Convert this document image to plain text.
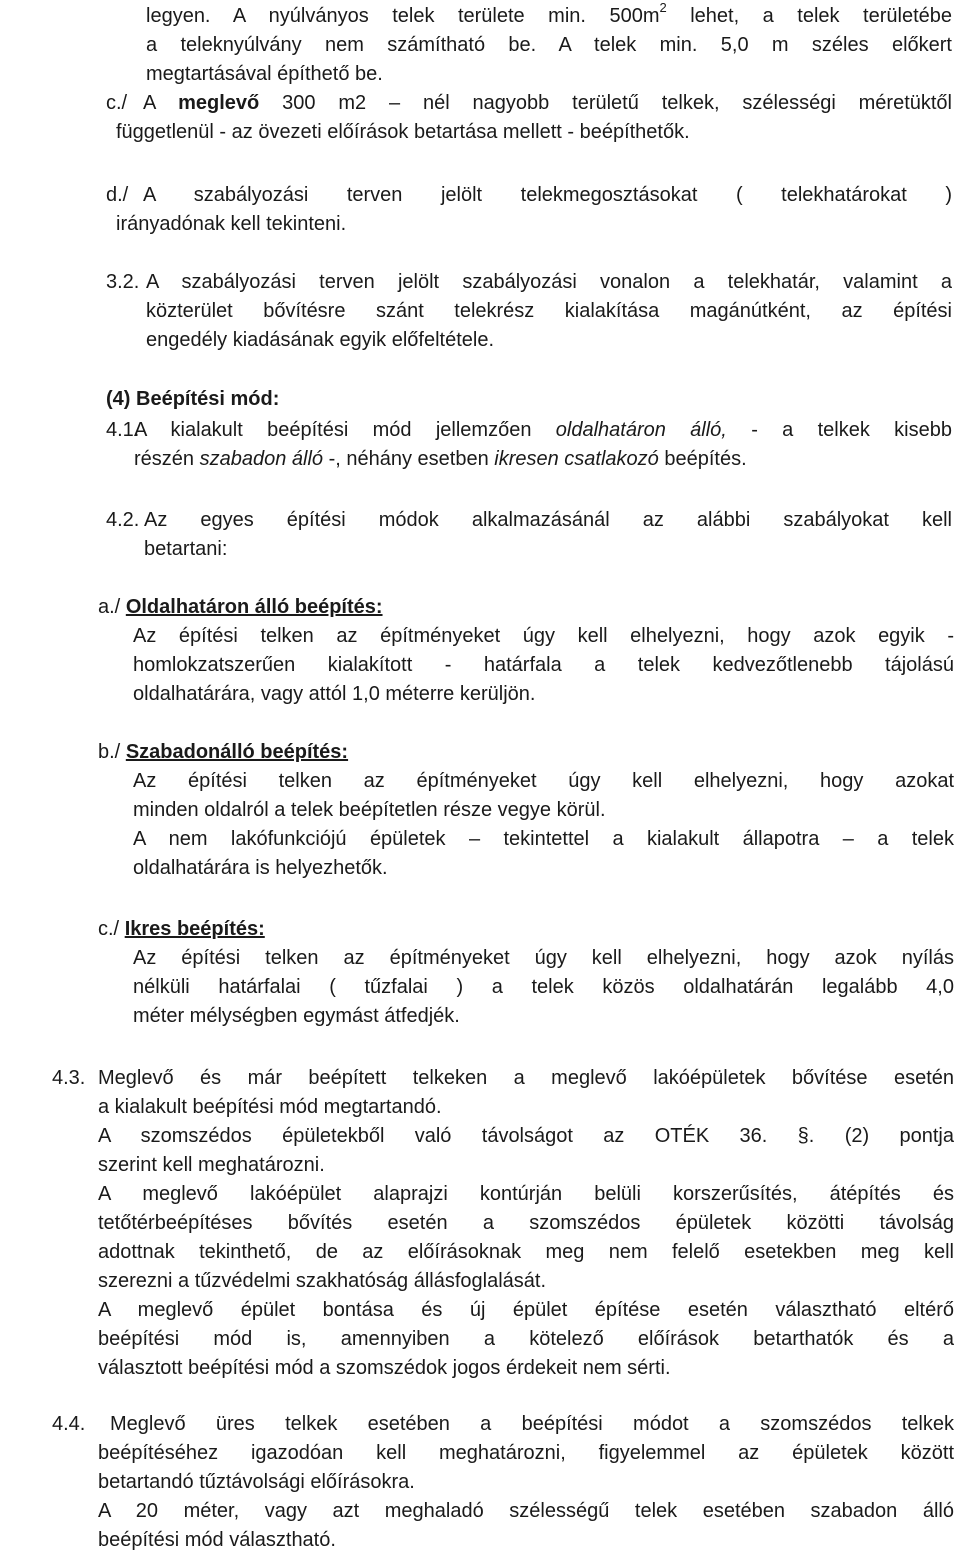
legyen. A nyúlványos telek területe min. $500m^2$ lehet, a telek területébe
a teleknyúlvány nem számítható be. A telek min. 5,0 m széles előkert
megtartásával építhető be.
c./ A meglevő 300 m2 – nél nagyobb területű telkek, szélességi méretüktől
függetlenül - az övezeti előírások betartása mellett - beépíthetők.
d./ A szabályozási terven jelölt telekmegosztásokat ( telekhatárokat )
irányadónak kell tekinteni.
3.2. A szabályozási terven jelölt szabályozási vonalon a telekhatár, valamint a
közterület bővítésre szánt telekrész kialakítása magánútként, az építési
engedély kiadásának egyik előfeltétele.
(4) Beépítési mód:
4.1.
A kialakult beépítési mód jellemzően oldalhatáron álló, - a telkek kisebb
részén szabadon álló -, néhány esetben ikresen csatlakozó beépítés.
4.2. Az egyes építési módok alkalmazásánál az alábbi szabályokat kell
betartani:
a./ Oldalhatáron álló beépítés:
Az építési telken az építményeket úgy kell elhelyezni, hogy azok egyik -
homlokzatszerűen kialakított - határfala a telek kedvezőtlenebb tájolású
oldalhatárára, vagy attól 1,0 méterre kerüljön.
b./ Szabadonálló beépítés:
Az építési telken az építményeket úgy kell elhelyezni, hogy azokat
minden oldalról a telek beépítetlen része vegye körül.
A nem lakófunkciójú épületek – tekintettel a kialakult állapotra – a telek
oldalhatárára is helyezhetők.
c./ Ikres beépítés:
Az építési telken az építményeket úgy kell elhelyezni, hogy azok nyílás
nélküli határfalai ( tűzfalai ) a telek közös oldalhatárán legalább 4,0
méter mélységben egymást átfedjék.
4.3. Meglevő és már beépített telkeken a meglevő lakóépületek bővítése esetén
a kialakult beépítési mód megtartandó.
A szomszédos épületekből való távolságot az OTÉK 36. §. (2) pontja
szerint kell meghatározni.
A meglevő lakóépület alaprajzi kontúrján belüli korszerűsítés, átépítés és
tetőtérbeépítéses bővítés esetén a szomszédos épületek közötti távolság
adottnak tekinthető, de az előírásoknak meg nem felelő esetekben meg kell
szerezni a tűzvédelmi szakhatóság állásfoglalását.
A meglevő épület bontása és új épület építése esetén választható eltérő
beépítési mód is, amennyiben a kötelező előírások betarthatók és a
választott beépítési mód a szomszédok jogos érdekeit nem sérti.
4.4.	Meglevő üres telkek esetében a beépítési módot a szomszédos telkek
beépítéséhez igazodóan kell meghatározni, figyelemmel az épületek között
betartandó tűztávolsági előírásokra.
A 20 méter, vagy azt meghaladó szélességű telek esetében szabadon álló
beépítési mód választható.
